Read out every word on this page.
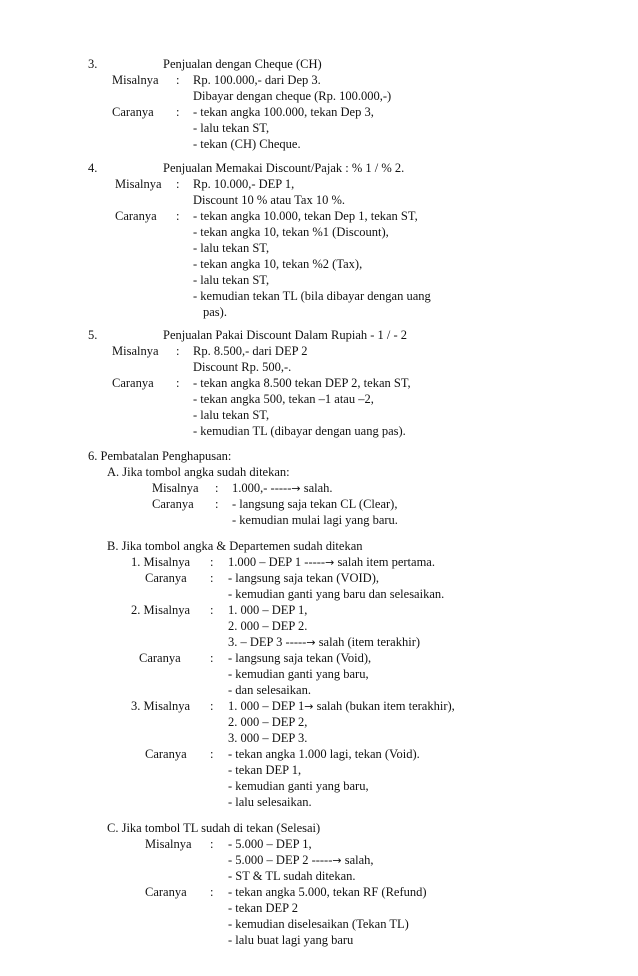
3.	Penjualan dengan Cheque (CH)
Misalnya : Rp. 100.000,- dari Dep 3.
Dibayar dengan cheque (Rp. 100.000,-)
Caranya : - tekan angka 100.000, tekan Dep 3,
- lalu tekan ST,
- tekan (CH) Cheque.
4.	Penjualan Memakai Discount/Pajak : % 1 / % 2.
Misalnya : Rp. 10.000,- DEP 1,
Discount 10 % atau Tax 10 %.
Caranya : - tekan angka 10.000, tekan Dep 1, tekan ST,
- tekan angka 10, tekan %1 (Discount),
- lalu tekan ST,
- tekan angka 10, tekan %2 (Tax),
- lalu tekan ST,
- kemudian tekan TL (bila dibayar dengan uang
pas).
5.	Penjualan Pakai Discount Dalam Rupiah - 1 / - 2
Misalnya : Rp. 8.500,- dari DEP 2
Discount Rp. 500,-.
Caranya : - tekan angka 8.500 tekan DEP 2, tekan ST,
- tekan angka 500, tekan –1 atau –2,
- lalu tekan ST,
- kemudian TL (dibayar dengan uang pas).
6. Pembatalan Penghapusan:
A. Jika tombol angka sudah ditekan:
Misalnya : 1.000,- -----→ salah.
Caranya : - langsung saja tekan CL (Clear),
- kemudian mulai lagi yang baru.
B. Jika tombol angka & Departemen sudah ditekan
1. Misalnya : 1.000 – DEP 1 -----→ salah item pertama.
Caranya : - langsung saja tekan (VOID),
- kemudian ganti yang baru dan selesaikan.
2. Misalnya : 1. 000 – DEP 1,
2. 000 – DEP 2.
3. – DEP 3 -----→ salah (item terakhir)
Caranya : - langsung saja tekan (Void),
- kemudian ganti yang baru,
- dan selesaikan.
3. Misalnya : 1. 000 – DEP 1→ salah (bukan item terakhir),
2. 000 – DEP 2,
3. 000 – DEP 3.
Caranya : - tekan angka 1.000 lagi, tekan (Void).
- tekan DEP 1,
- kemudian ganti yang baru,
- lalu selesaikan.
C. Jika tombol TL sudah di tekan (Selesai)
Misalnya : - 5.000 – DEP 1,
- 5.000 – DEP 2 -----→ salah,
- ST & TL sudah ditekan.
Caranya : - tekan angka 5.000, tekan RF (Refund)
- tekan DEP 2
- kemudian diselesaikan (Tekan TL)
- lalu buat lagi yang baru
